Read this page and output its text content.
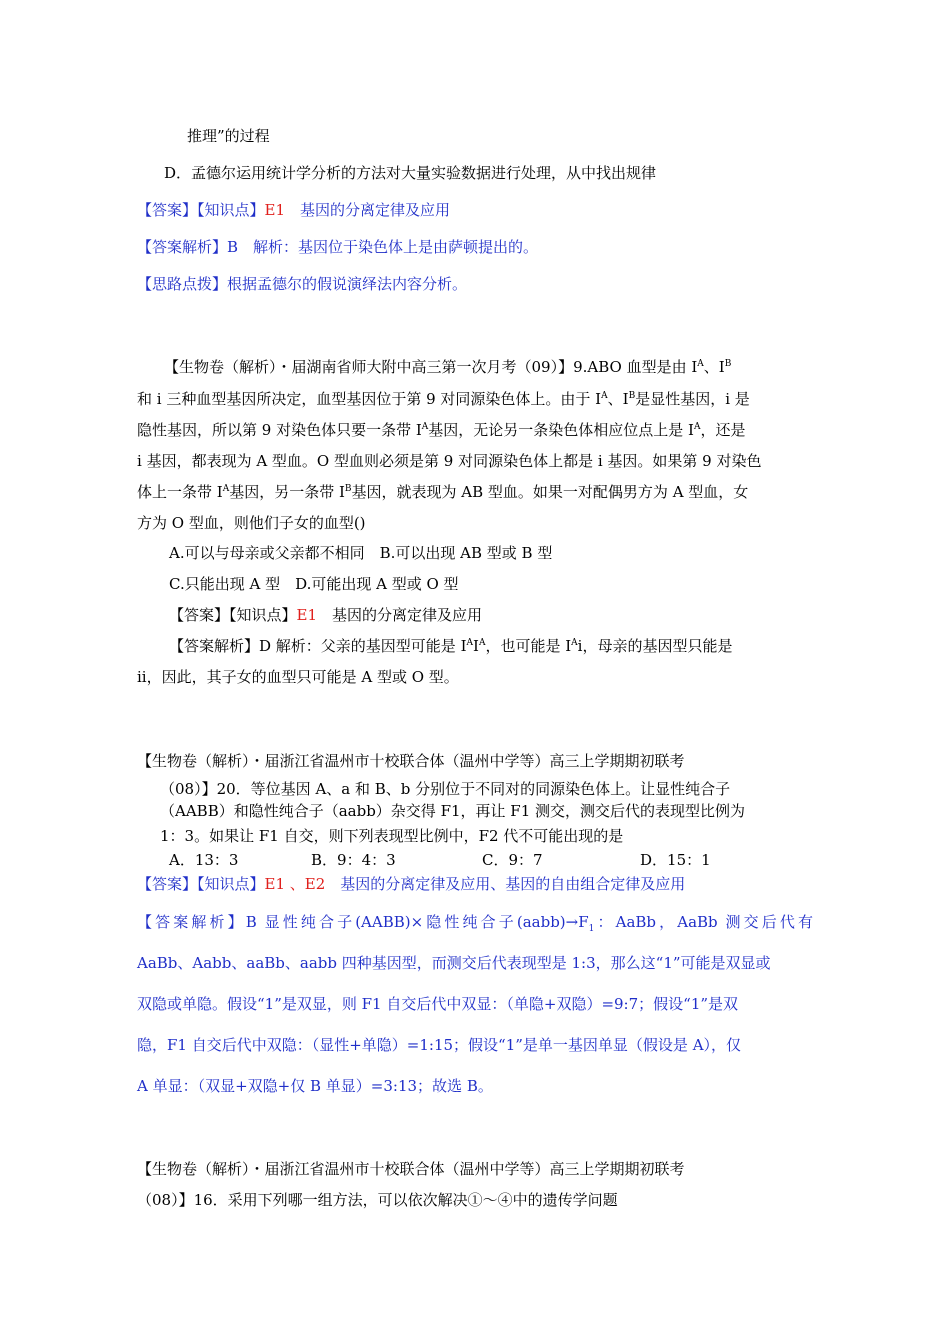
推理”的过程
D．孟德尔运用统计学分析的方法对大量实验数据进行处理，从中找出规律
【答案】【知识点】E1　 基因的分离定律及应用
【答案解析】B　解析：基因位于染色体上是由萨顿提出的。
【思路点拨】根据孟德尔的假说演绎法内容分析。
【生物卷（解析）・届湖南省师大附中高三第一次月考（09）】9.ABO 血型是由 $I^A$、$I^B$
和 i 三种血型基因所决定，血型基因位于第 9 对同源染色体上。由于 $I^A$、$I^B$是显性基因，i 是
隐性基因，所以第 9 对染色体只要一条带 $I^A$基因，无论另一条染色体相应位点上是 $I^A$，还是
i 基因，都表现为 A 型血。O 型血则必须是第 9 对同源染色体上都是 i 基因。如果第 9 对染色
体上一条带 $I^A$基因，另一条带 $I^B$基因，就表现为 AB 型血。如果一对配偶男方为 A 型血，女
方为 O 型血，则他们子女的血型()
A.可以与母亲或父亲都不相同　B.可以出现 AB 型或 B 型
C.只能出现 A 型　D.可能出现 A 型或 O 型
【答案】【知识点】E1　 基因的分离定律及应用
【答案解析】D 解析：父亲的基因型可能是 $I^AI^A$，也可能是 $I^Ai$，母亲的基因型只能是
ii，因此，其子女的血型只可能是 A 型或 O 型。
【生物卷（解析）・届浙江省温州市十校联合体（温州中学等）高三上学期期初联考
（08）】20．等位基因 A、a 和 B、b 分别位于不同对的同源染色体上。让显性纯合子
（AABB）和隐性纯合子（aabb）杂交得 F1，再让 F1 测交，测交后代的表现型比例为
1：3。如果让 F1 自交，则下列表现型比例中，F2 代不可能出现的是
A．13：3	B．9：4：3	C．9：7	D．15：1
【答案】【知识点】E1 、E2　 基因的分离定律及应用、基因的自由组合定律及应用
【答案解析】B 显性纯合子(AABB)×隐性纯合子$(aabb)\to F_1$：AaBb，AaBb 测交后代有
AaBb、Aabb、aaBb、aabb 四种基因型，而测交后代表现型是 1:3，那么这“1”可能是双显或
双隐或单隐。假设“1”是双显，则 F1 自交后代中双显：（单隐+双隐）=9:7；假设“1”是双
隐，F1 自交后代中双隐：（显性+单隐）=1:15；假设“1”是单一基因单显（假设是 A），仅
A 单显：（双显+双隐+仅 B 单显）=3:13；故选 B。
【生物卷（解析）・届浙江省温州市十校联合体（温州中学等）高三上学期期初联考
（08）】16．采用下列哪一组方法，可以依次解决①～④中的遗传学问题
